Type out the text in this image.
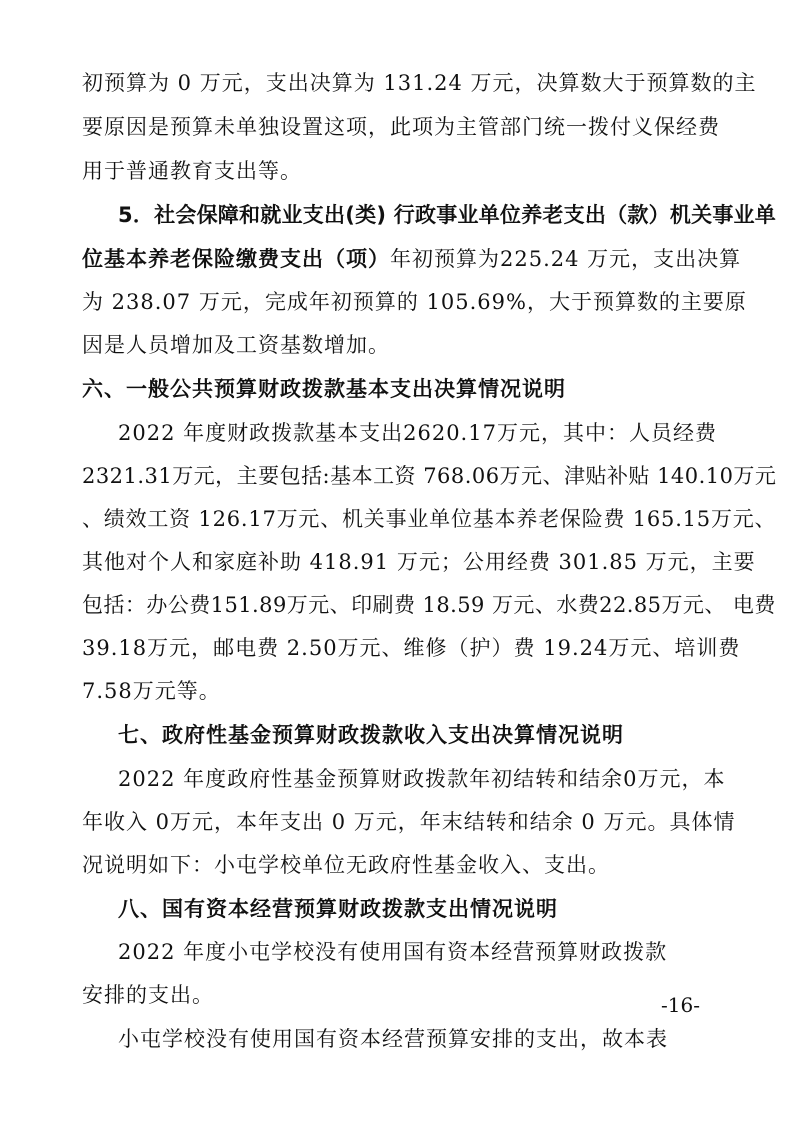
初预算为 0 万元，支出决算为 131.24 万元，决算数大于预算数的主
要原因是预算未单独设置这项，此项为主管部门统一拨付义保经费
用于普通教育支出等。
5．社会保障和就业支出(类) 行政事业单位养老支出（款）机关事业单
位基本养老保险缴费支出（项）年初预算为225.24 万元，支出决算
为 238.07 万元，完成年初预算的 105.69%，大于预算数的主要原
因是人员增加及工资基数增加。
六、一般公共预算财政拨款基本支出决算情况说明
2022 年度财政拨款基本支出2620.17万元，其中：人员经费
2321.31万元，主要包括:基本工资 768.06万元、津贴补贴 140.10万元
、绩效工资 126.17万元、机关事业单位基本养老保险费 165.15万元、
其他对个人和家庭补助 418.91 万元；公用经费 301.85 万元，主要
包括：办公费151.89万元、印刷费 18.59 万元、水费22.85万元、 电费
39.18万元，邮电费 2.50万元、维修（护）费 19.24万元、培训费
7.58万元等。
七、政府性基金预算财政拨款收入支出决算情况说明
2022 年度政府性基金预算财政拨款年初结转和结余0万元，本
年收入 0万元，本年支出 0 万元，年末结转和结余 0 万元。具体情
况说明如下：小屯学校单位无政府性基金收入、支出。
八、国有资本经营预算财政拨款支出情况说明
2022 年度小屯学校没有使用国有资本经营预算财政拨款
安排的支出。
小屯学校没有使用国有资本经营预算安排的支出，故本表
-16-
